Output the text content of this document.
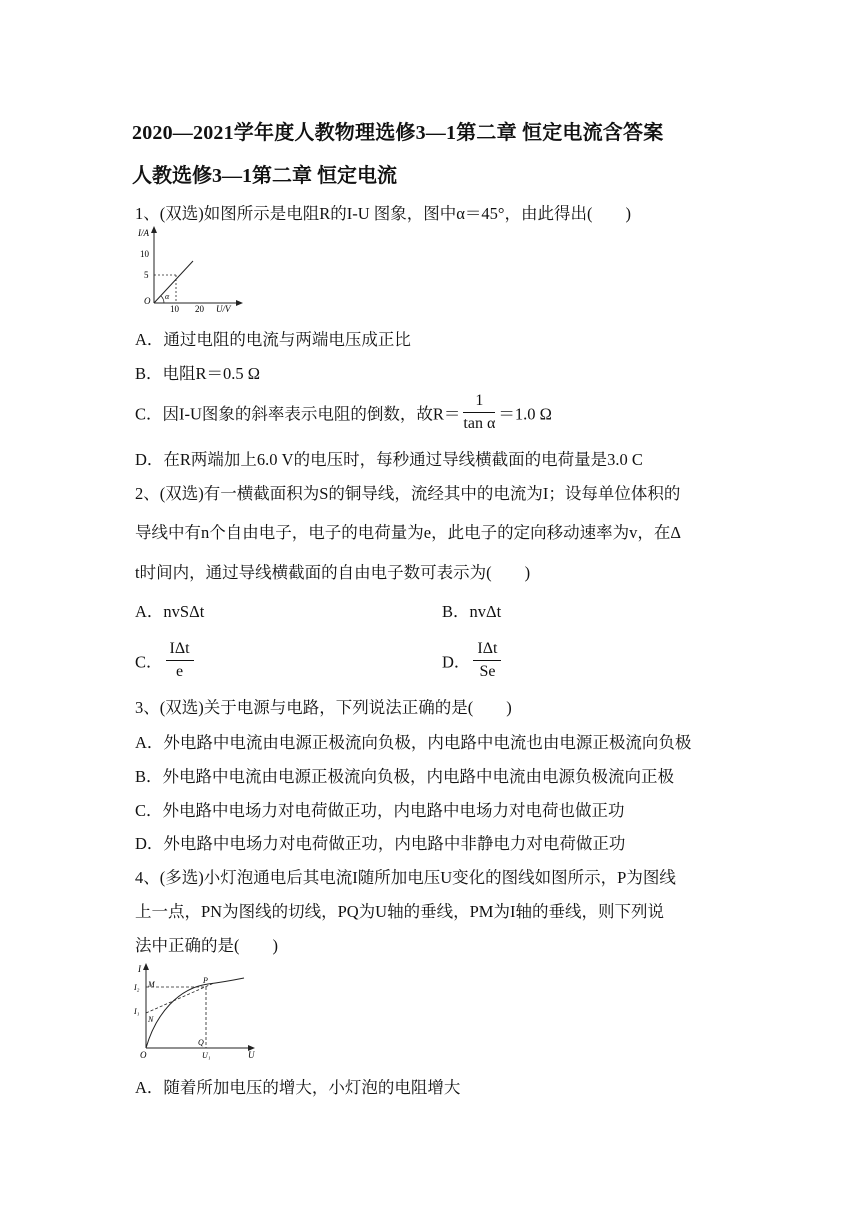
2020—2021学年度人教物理选修3—1第二章 恒定电流含答案
人教选修3—1第二章 恒定电流
1、(双选)如图所示是电阻R的I-U 图象，图中α＝45°，由此得出(　　)
I/A
10
5
O α
10 20 U/V
A．通过电阻的电流与两端电压成正比
B．电阻R＝0.5 Ω
C．因I-U图象的斜率表示电阻的倒数，故$R= \frac{1}{\text{tan α}} =1.0$ Ω
D．在R两端加上6.0 V的电压时，每秒通过导线横截面的电荷量是3.0 C
2、(双选)有一横截面积为S的铜导线，流经其中的电流为I；设每单位体积的
导线中有n个自由电子，电子的电荷量为e，此电子的定向移动速率为v，在Δ
t时间内，通过导线横截面的自由电子数可表示为(　　)
A．nvSΔt	B．nvΔt
C． $\frac{\text{IΔt}}{e}$	D． $\frac{\text{IΔt}}{Se}$
3、(双选)关于电源与电路，下列说法正确的是(　　)
A．外电路中电流由电源正极流向负极，内电路中电流也由电源正极流向负极
B．外电路中电流由电源正极流向负极，内电路中电流由电源负极流向正极
C．外电路中电场力对电荷做正功，内电路中电场力对电荷也做正功
D．外电路中电场力对电荷做正功，内电路中非静电力对电荷做正功
4、(多选)小灯泡通电后其电流I随所加电压U变化的图线如图所示，P为图线
上一点，PN为图线的切线，PQ为U轴的垂线，PM为I轴的垂线，则下列说
法中正确的是(　　)
I
I₂ M	P
I₁
N
Q
O	U₁	U
A．随着所加电压的增大，小灯泡的电阻增大
